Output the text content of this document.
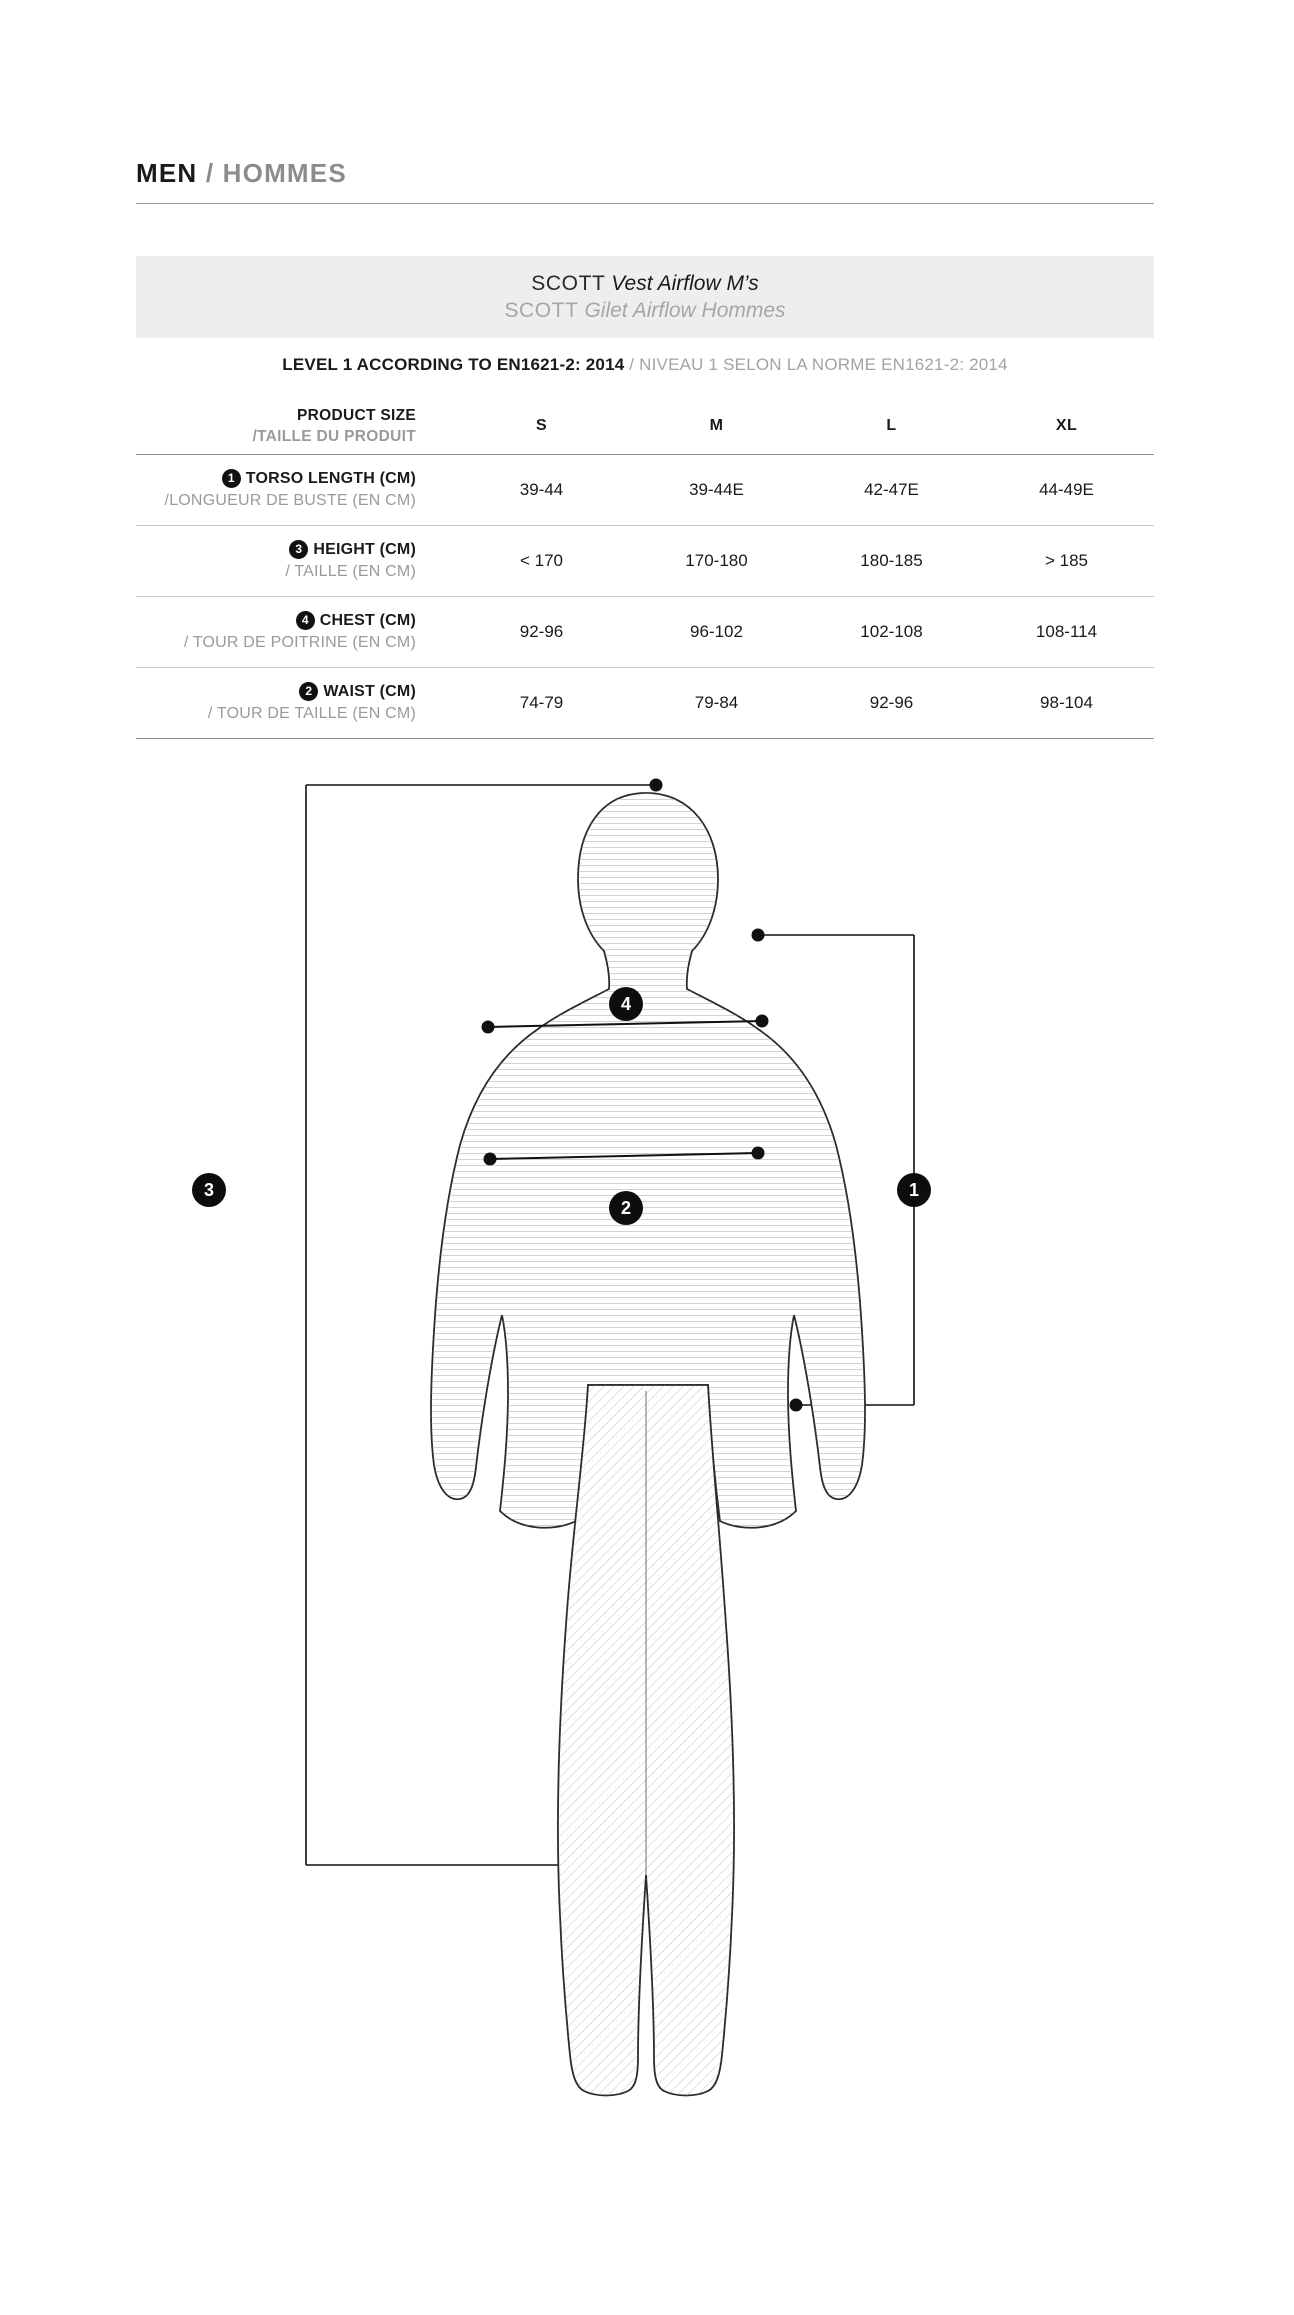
MEN / HOMMES
SCOTT Vest Airflow M’s
SCOTT Gilet Airflow Hommes
LEVEL 1 ACCORDING TO EN1621-2: 2014 / NIVEAU 1 SELON LA NORME EN1621-2: 2014
PRODUCT SIZE
/TAILLE DU PRODUIT	S	M	L	XL

1 TORSO LENGTH (CM)
/LONGUEUR DE BUSTE (EN CM)	39-44	39-44E	42-47E	44-49E

3 HEIGHT (CM)
/ TAILLE (EN CM)	< 170	170-180	180-185	> 185

4 CHEST (CM)
/ TOUR DE POITRINE (EN CM)	92-96	96-102	102-108	108-114

2 WAIST (CM)
/ TOUR DE TAILLE (EN CM)	74-79	79-84	92-96	98-104
3	1
4
2
